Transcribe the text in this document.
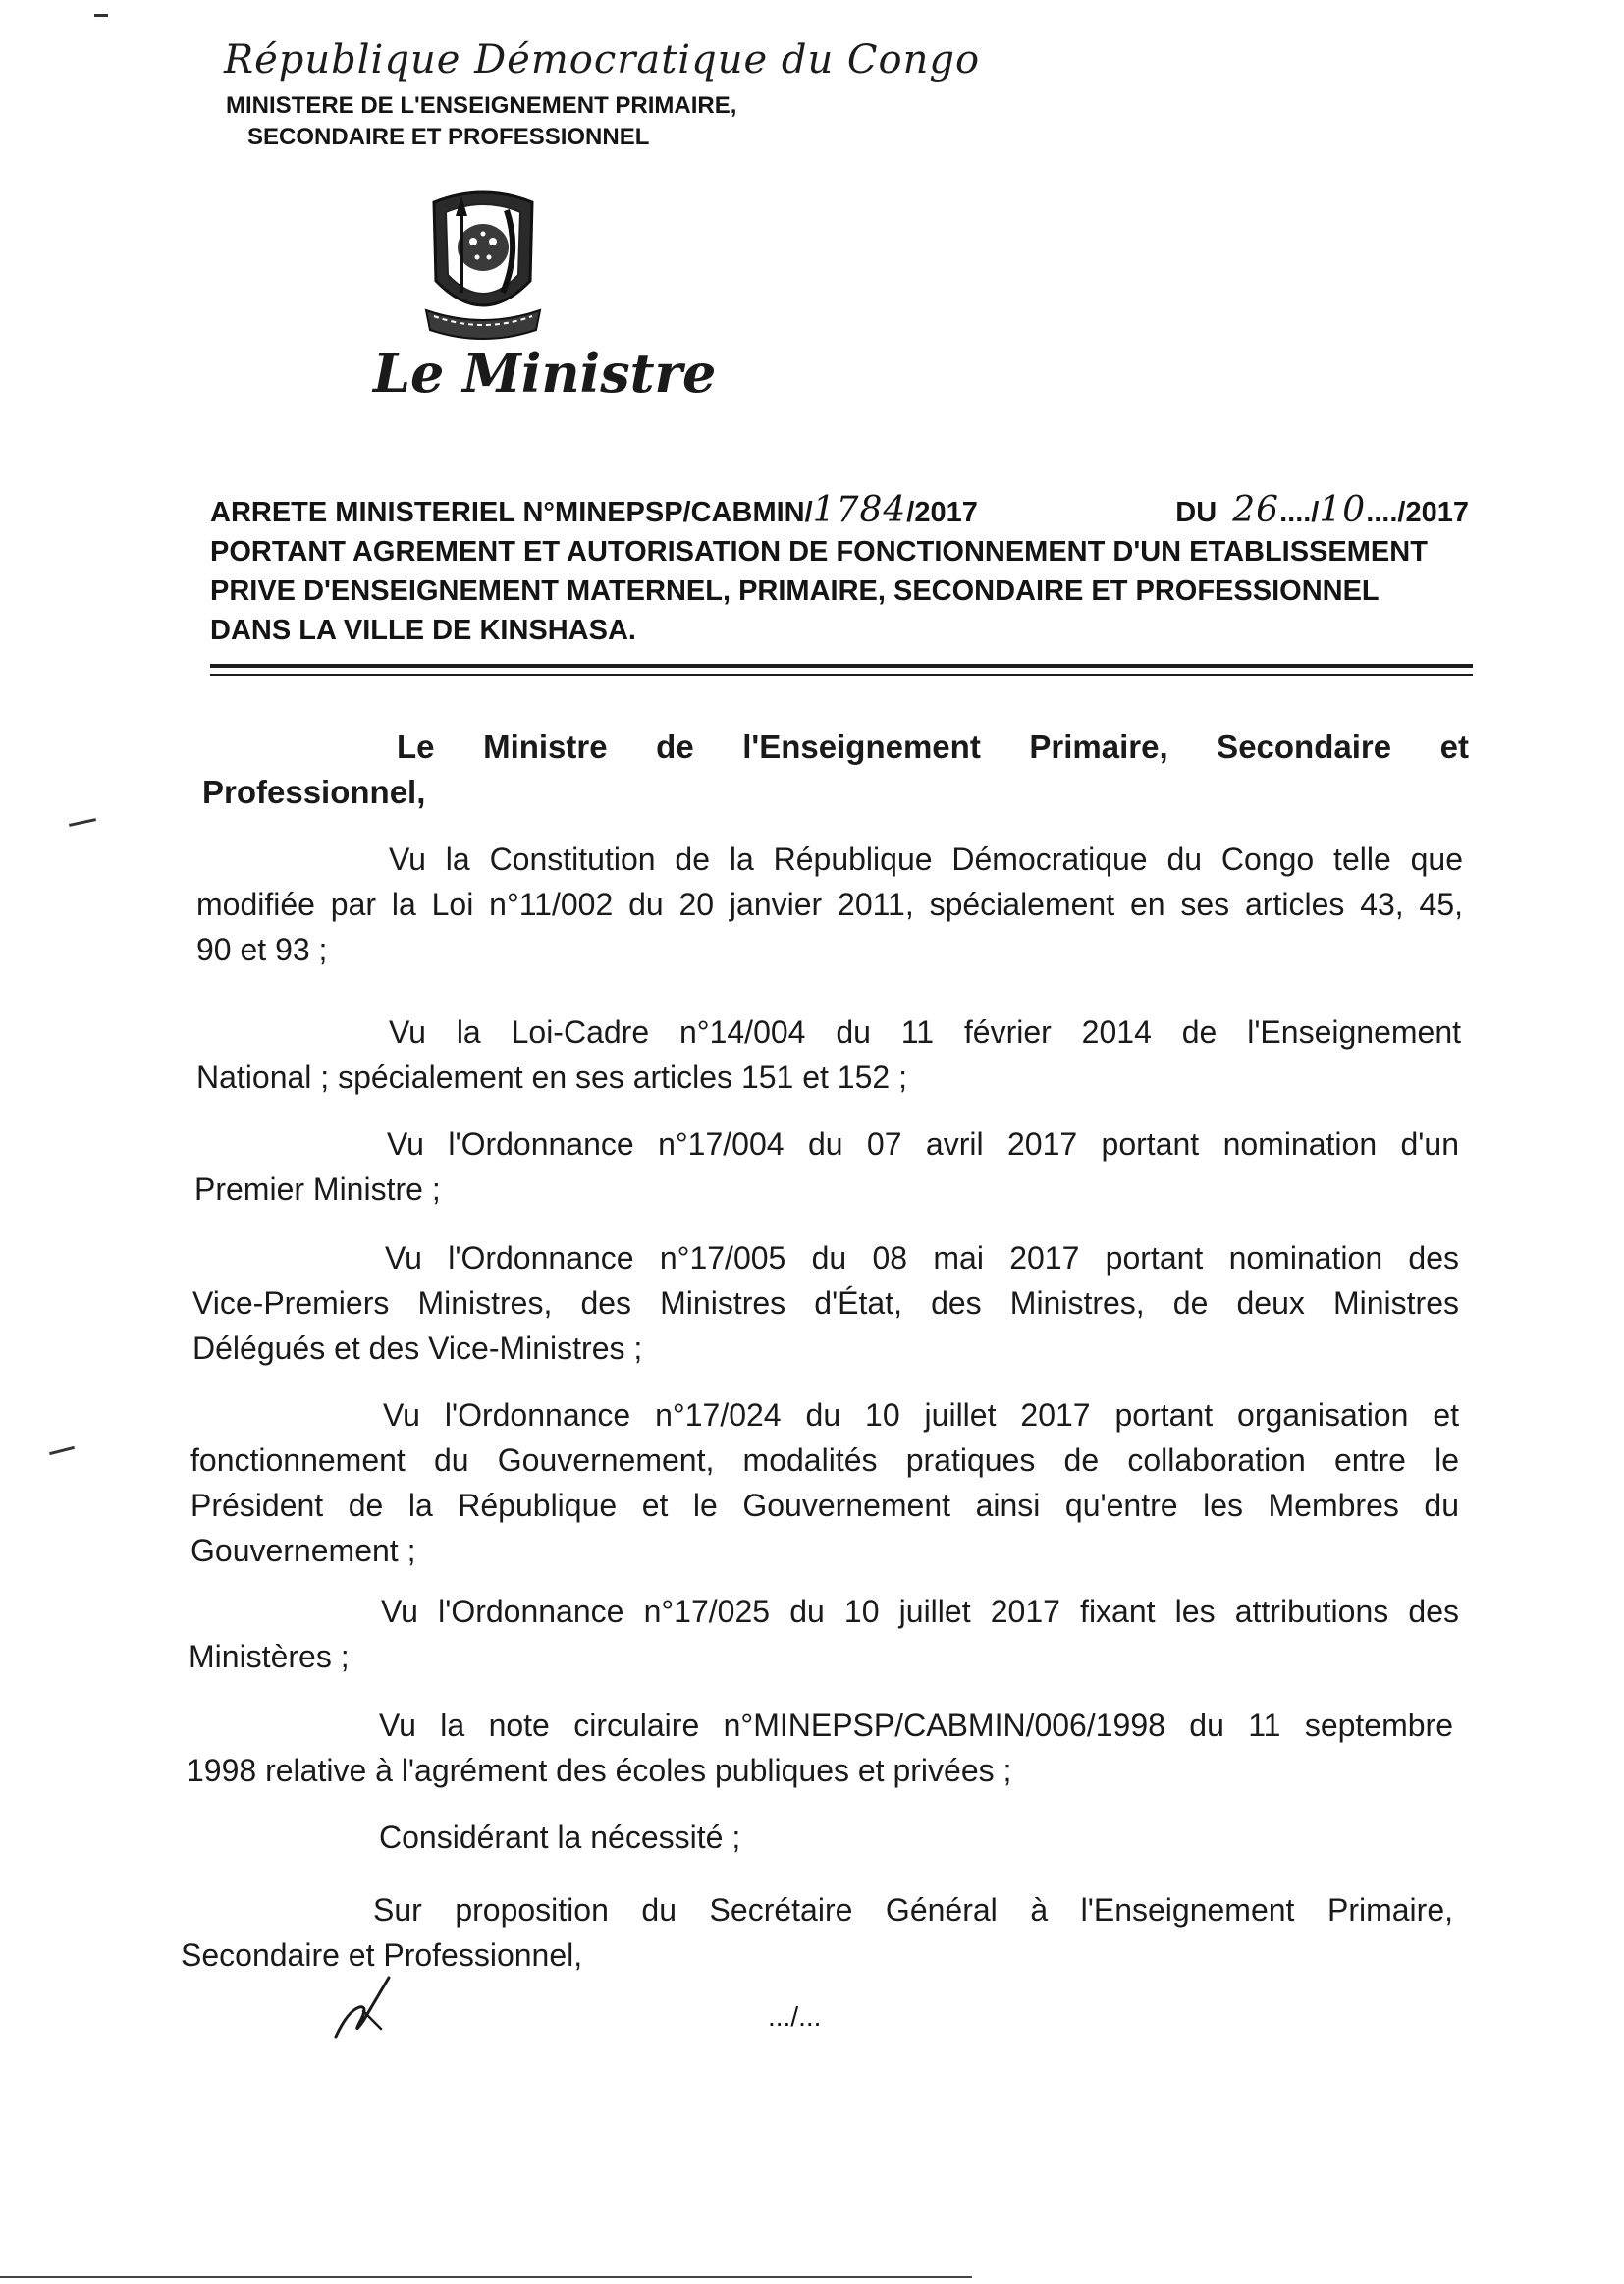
République Démocratique du Congo
MINISTERE DE L'ENSEIGNEMENT PRIMAIRE,
SECONDAIRE ET PROFESSIONNEL
Le Ministre
ARRETE MINISTERIEL N°MINEPSP/CABMIN/1784/2017	DU 26..../10..../2017
PORTANT AGREMENT ET AUTORISATION DE FONCTIONNEMENT D'UN ETABLISSEMENT
PRIVE D'ENSEIGNEMENT MATERNEL, PRIMAIRE, SECONDAIRE ET PROFESSIONNEL
DANS LA VILLE DE KINSHASA.
Le Ministre de l'Enseignement Primaire, Secondaire et
Professionnel,
Vu la Constitution de la République Démocratique du Congo telle que
modifiée par la Loi n°11/002 du 20 janvier 2011, spécialement en ses articles 43, 45,
90 et 93 ;
Vu la Loi-Cadre n°14/004 du 11 février 2014 de l'Enseignement
National ; spécialement en ses articles 151 et 152 ;
Vu l'Ordonnance n°17/004 du 07 avril 2017 portant nomination d'un
Premier Ministre ;
Vu l'Ordonnance n°17/005 du 08 mai 2017 portant nomination des
Vice-Premiers Ministres, des Ministres d'État, des Ministres, de deux Ministres
Délégués et des Vice-Ministres ;
Vu l'Ordonnance n°17/024 du 10 juillet 2017 portant organisation et
fonctionnement du Gouvernement, modalités pratiques de collaboration entre le
Président de la République et le Gouvernement ainsi qu'entre les Membres du
Gouvernement ;
Vu l'Ordonnance n°17/025 du 10 juillet 2017 fixant les attributions des
Ministères ;
Vu la note circulaire n°MINEPSP/CABMIN/006/1998 du 11 septembre
1998 relative à l'agrément des écoles publiques et privées ;
Considérant la nécessité ;
Sur proposition du Secrétaire Général à l'Enseignement Primaire,
Secondaire et Professionnel,
.../...
